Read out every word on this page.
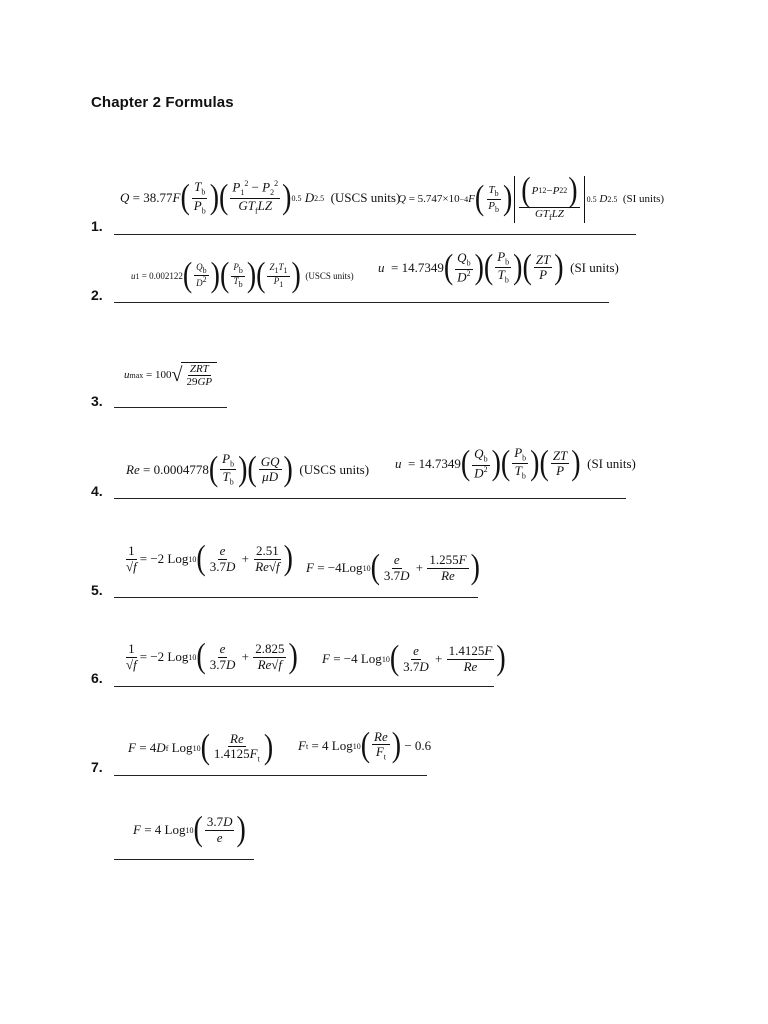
Chapter 2 Formulas
Q = 38.77 F ( $\frac{T_b}{P_b}$
) ( $\frac{P_1^2 - P_2^2}{GT_fLZ}$
) 0.5
D 2.5
(USCS units)
Q = 5.747×10 −4 F ( $\frac{T_b}{P_b}$
) ( P 1 2 − P 2 2
)
$GT_fLZ$ 0.5
D 2.5
(SI units)
1.
u 1 = 0.002122 ( $\frac{Q_b}{D^2}$
)	( $\frac{P_b}{T_b}$
)	( $\frac{Z_1T_1}{P_1}$
)
(USCS units)
u = 14.7349 ( $\frac{Q_b}{D^2}$
) ( $\frac{P_b}{T_b}$
) ( $\frac{ZT}{P}$
)
(SI units)
2.
u max = 100 √ $\frac{\text{ZRT}}{29GP}$
3.
Re = 0.0004778 ( $\frac{P_b}{T_b}$
) ( $\frac{GQ}{\mu D}$
)
(USCS units) u = 14.7349 ( $\frac{Q_b}{D^2}$
) ( $\frac{P_b}{T_b}$
) ( $\frac{ZT}{P}$
)
(SI units)
4.
$\frac{1}{√f} = -2$ Log 10 ( $\frac{e}{3.7D} + \frac{2.51}{Re√f}$
) F = −4Log 10 ( $\frac{e}{3.7D} + \frac{1.255F}{Re}$
)
5.
$\frac{1}{√f} = -2$ Log 10 ( $\frac{e}{3.7D} + \frac{2.825}{Re√f}$
)	F = −4 Log 10 ( $\frac{e}{3.7D} + \frac{1.4125F}{Re}$
)
6.
F = 4 D f Log 10 ( $\frac{Re}{1.4125F_t}$
)	F t = 4 Log 10 ( $\frac{Re}{F_t}$
) − 0.6
7.
F = 4 Log 10 ( $\frac{3.7D}{e}$
)
